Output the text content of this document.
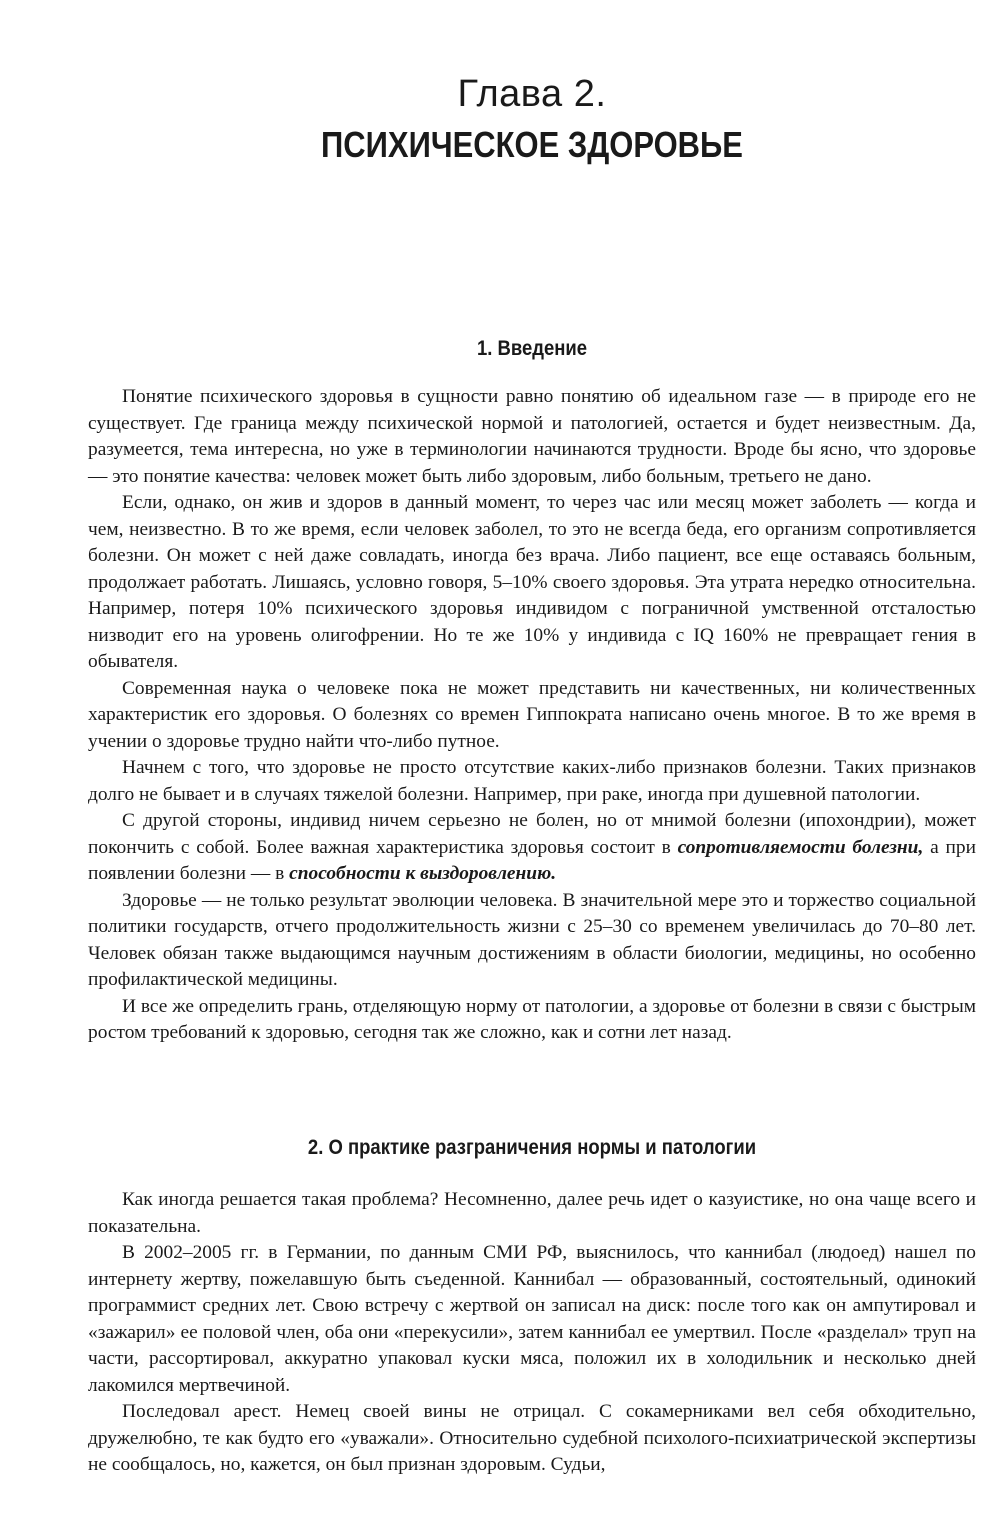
Глава 2.
ПСИХИЧЕСКОЕ ЗДОРОВЬЕ
1. Введение

Понятие психического здоровья в сущности равно понятию об идеальном газе — в природе его не существует. Где граница между психической нормой и патологией, остается и будет неизвестным. Да, разумеется, тема интересна, но уже в терминологии начинаются трудности. Вроде бы ясно, что здоровье — это понятие качества: человек может быть либо здоровым, либо больным, третьего не дано.

Если, однако, он жив и здоров в данный момент, то через час или месяц может заболеть — когда и чем, неизвестно. В то же время, если человек заболел, то это не всегда беда, его организм сопротивляется болезни. Он может с ней даже совладать, иногда без врача. Либо пациент, все еще оставаясь больным, продолжает работать. Лишаясь, условно говоря, 5–10% своего здоровья. Эта утрата нередко относительна. Например, потеря 10% психического здоровья индивидом с пограничной умственной отсталостью низводит его на уровень олигофрении. Но те же 10% у индивида с IQ 160% не превращает гения в обывателя.

Современная наука о человеке пока не может представить ни качественных, ни количественных характеристик его здоровья. О болезнях со времен Гиппократа написано очень многое. В то же время в учении о здоровье трудно найти что-либо путное.

Начнем с того, что здоровье не просто отсутствие каких-либо признаков болезни. Таких признаков долго не бывает и в случаях тяжелой болезни. Например, при раке, иногда при душевной патологии.

С другой стороны, индивид ничем серьезно не болен, но от мнимой болезни (ипохондрии), может покончить с собой. Более важная характеристика здоровья состоит в сопротивляемости болезни, а при появлении болезни — в способности к выздоровлению.

Здоровье — не только результат эволюции человека. В значительной мере это и торжество социальной политики государств, отчего продолжительность жизни с 25–30 со временем увеличилась до 70–80 лет. Человек обязан также выдающимся научным достижениям в области биологии, медицины, но особенно профилактической медицины.

И все же определить грань, отделяющую норму от патологии, а здоровье от болезни в связи с быстрым ростом требований к здоровью, сегодня так же сложно, как и сотни лет назад.

2. О практике разграничения нормы и патологии

Как иногда решается такая проблема? Несомненно, далее речь идет о казуистике, но она чаще всего и показательна.

В 2002–2005 гг. в Германии, по данным СМИ РФ, выяснилось, что каннибал (людоед) нашел по интернету жертву, пожелавшую быть съеденной. Каннибал — образованный, состоятельный, одинокий программист средних лет. Свою встречу с жертвой он записал на диск: после того как он ампутировал и «зажарил» ее половой член, оба они «перекусили», затем каннибал ее умертвил. После «разделал» труп на части, рассортировал, аккуратно упаковал куски мяса, положил их в холодильник и несколько дней лакомился мертвечиной.

Последовал арест. Немец своей вины не отрицал. С сокамерниками вел себя обходительно, дружелюбно, те как будто его «уважали». Относительно судебной психолого-психиатрической экспертизы не сообщалось, но, кажется, он был признан здоровым. Судьи,
